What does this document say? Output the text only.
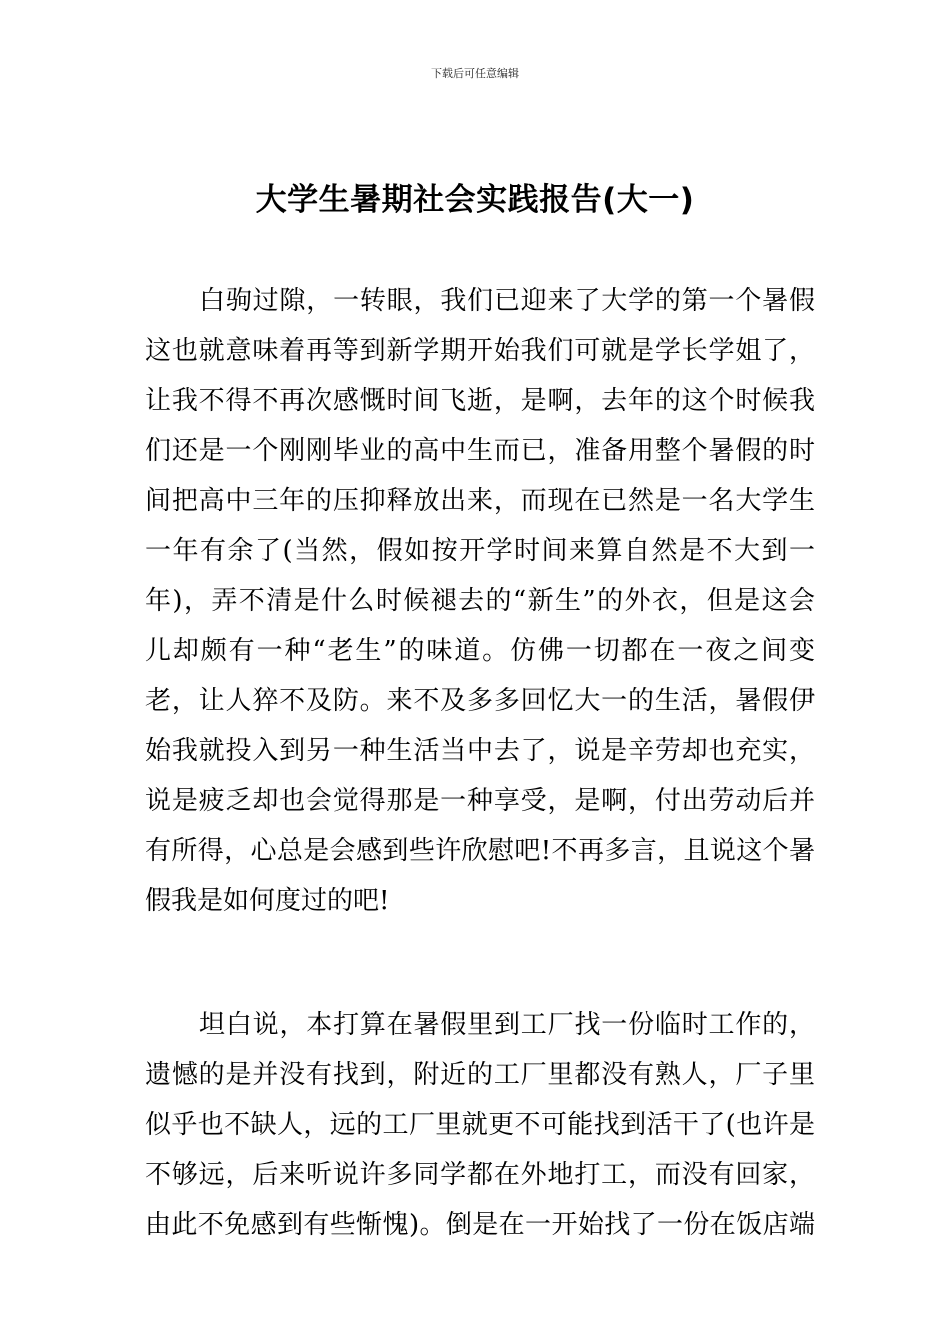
下载后可任意编辑
大学生暑期社会实践报告(大一)
白驹过隙，一转眼，我们已迎来了大学的第一个暑假
这也就意味着再等到新学期开始我们可就是学长学姐了，
让我不得不再次感慨时间飞逝，是啊，去年的这个时候我
们还是一个刚刚毕业的高中生而已，准备用整个暑假的时
间把高中三年的压抑释放出来，而现在已然是一名大学生
一年有余了(当然，假如按开学时间来算自然是不大到一
年)，弄不清是什么时候褪去的“新生”的外衣，但是这会
儿却颇有一种“老生”的味道。仿佛一切都在一夜之间变
老，让人猝不及防。来不及多多回忆大一的生活，暑假伊
始我就投入到另一种生活当中去了，说是辛劳却也充实，
说是疲乏却也会觉得那是一种享受，是啊，付出劳动后并
有所得，心总是会感到些许欣慰吧!不再多言，且说这个暑
假我是如何度过的吧!
坦白说，本打算在暑假里到工厂找一份临时工作的，
遗憾的是并没有找到，附近的工厂里都没有熟人，厂子里
似乎也不缺人，远的工厂里就更不可能找到活干了(也许是
不够远，后来听说许多同学都在外地打工，而没有回家，
由此不免感到有些惭愧)。倒是在一开始找了一份在饭店端
